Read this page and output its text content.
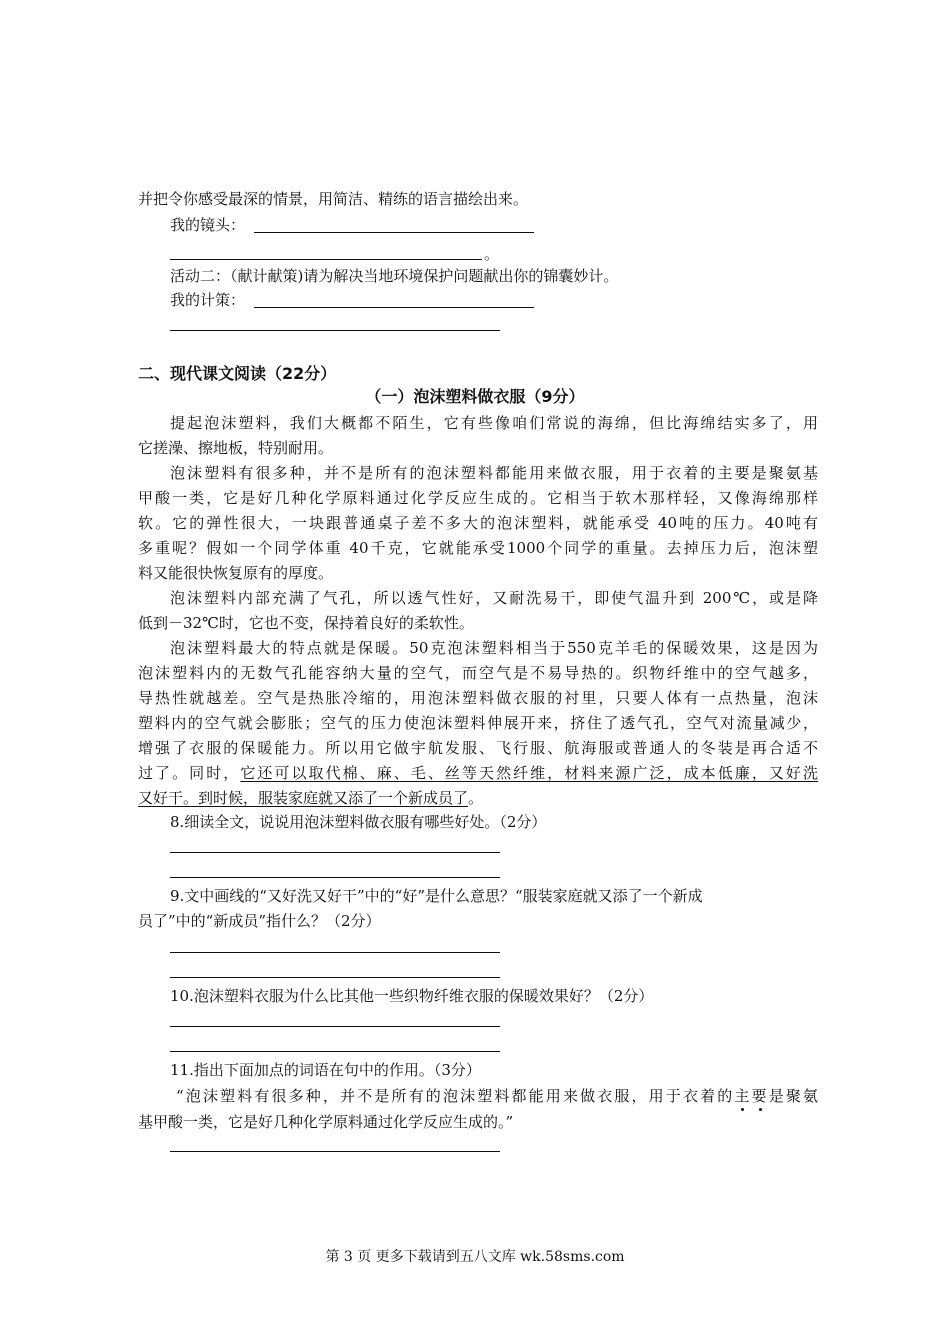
并把令你感受最深的情景，用简洁、精练的语言描绘出来。
我的镜头：
。
活动二：（献计献策)请为解决当地环境保护问题献出你的锦囊妙计。
我的计策：
二、现代课文阅读（22分）
（一）泡沫塑料做衣服（9分）
提起泡沫塑料，我们大概都不陌生，它有些像咱们常说的海绵，但比海绵结实多了，用
它搓澡、擦地板，特别耐用。
泡沫塑料有很多种，并不是所有的泡沫塑料都能用来做衣服，用于衣着的主要是聚氨基
甲酸一类，它是好几种化学原料通过化学反应生成的。它相当于软木那样轻，又像海绵那样
软。它的弹性很大，一块跟普通桌子差不多大的泡沫塑料，就能承受 40吨的压力。40吨有
多重呢？假如一个同学体重 40千克，它就能承受1000个同学的重量。去掉压力后，泡沫塑
料又能很快恢复原有的厚度。
泡沫塑料内部充满了气孔，所以透气性好，又耐洗易干，即使气温升到 200℃，或是降
低到－32℃时，它也不变，保持着良好的柔软性。
泡沫塑料最大的特点就是保暖。50克泡沫塑料相当于550克羊毛的保暖效果，这是因为
泡沫塑料内的无数气孔能容纳大量的空气，而空气是不易导热的。织物纤维中的空气越多，
导热性就越差。空气是热胀冷缩的，用泡沫塑料做衣服的衬里，只要人体有一点热量，泡沫
塑料内的空气就会膨胀；空气的压力使泡沫塑料伸展开来，挤住了透气孔，空气对流量减少，
增强了衣服的保暖能力。所以用它做宇航发服、飞行服、航海服或普通人的冬装是再合适不
过了。同时，它还可以取代棉、麻、毛、丝等天然纤维，材料来源广泛，成本低廉，又好洗
又好干。到时候，服装家庭就又添了一个新成员了。
8.细读全文，说说用泡沫塑料做衣服有哪些好处。（2分）
9.文中画线的“又好洗又好干”中的“好”是什么意思？“服装家庭就又添了一个新成
员了”中的“新成员”指什么？（2分）
10.泡沫塑料衣服为什么比其他一些织物纤维衣服的保暖效果好？（2分）
11.指出下面加点的词语在句中的作用。（3分）
“泡沫塑料有很多种，并不是所有的泡沫塑料都能用来做衣服，用于衣着的主要是聚氨
基甲酸一类，它是好几种化学原料通过化学反应生成的。”
第 3 页 更多下载请到五八文库 wk.58sms.com
